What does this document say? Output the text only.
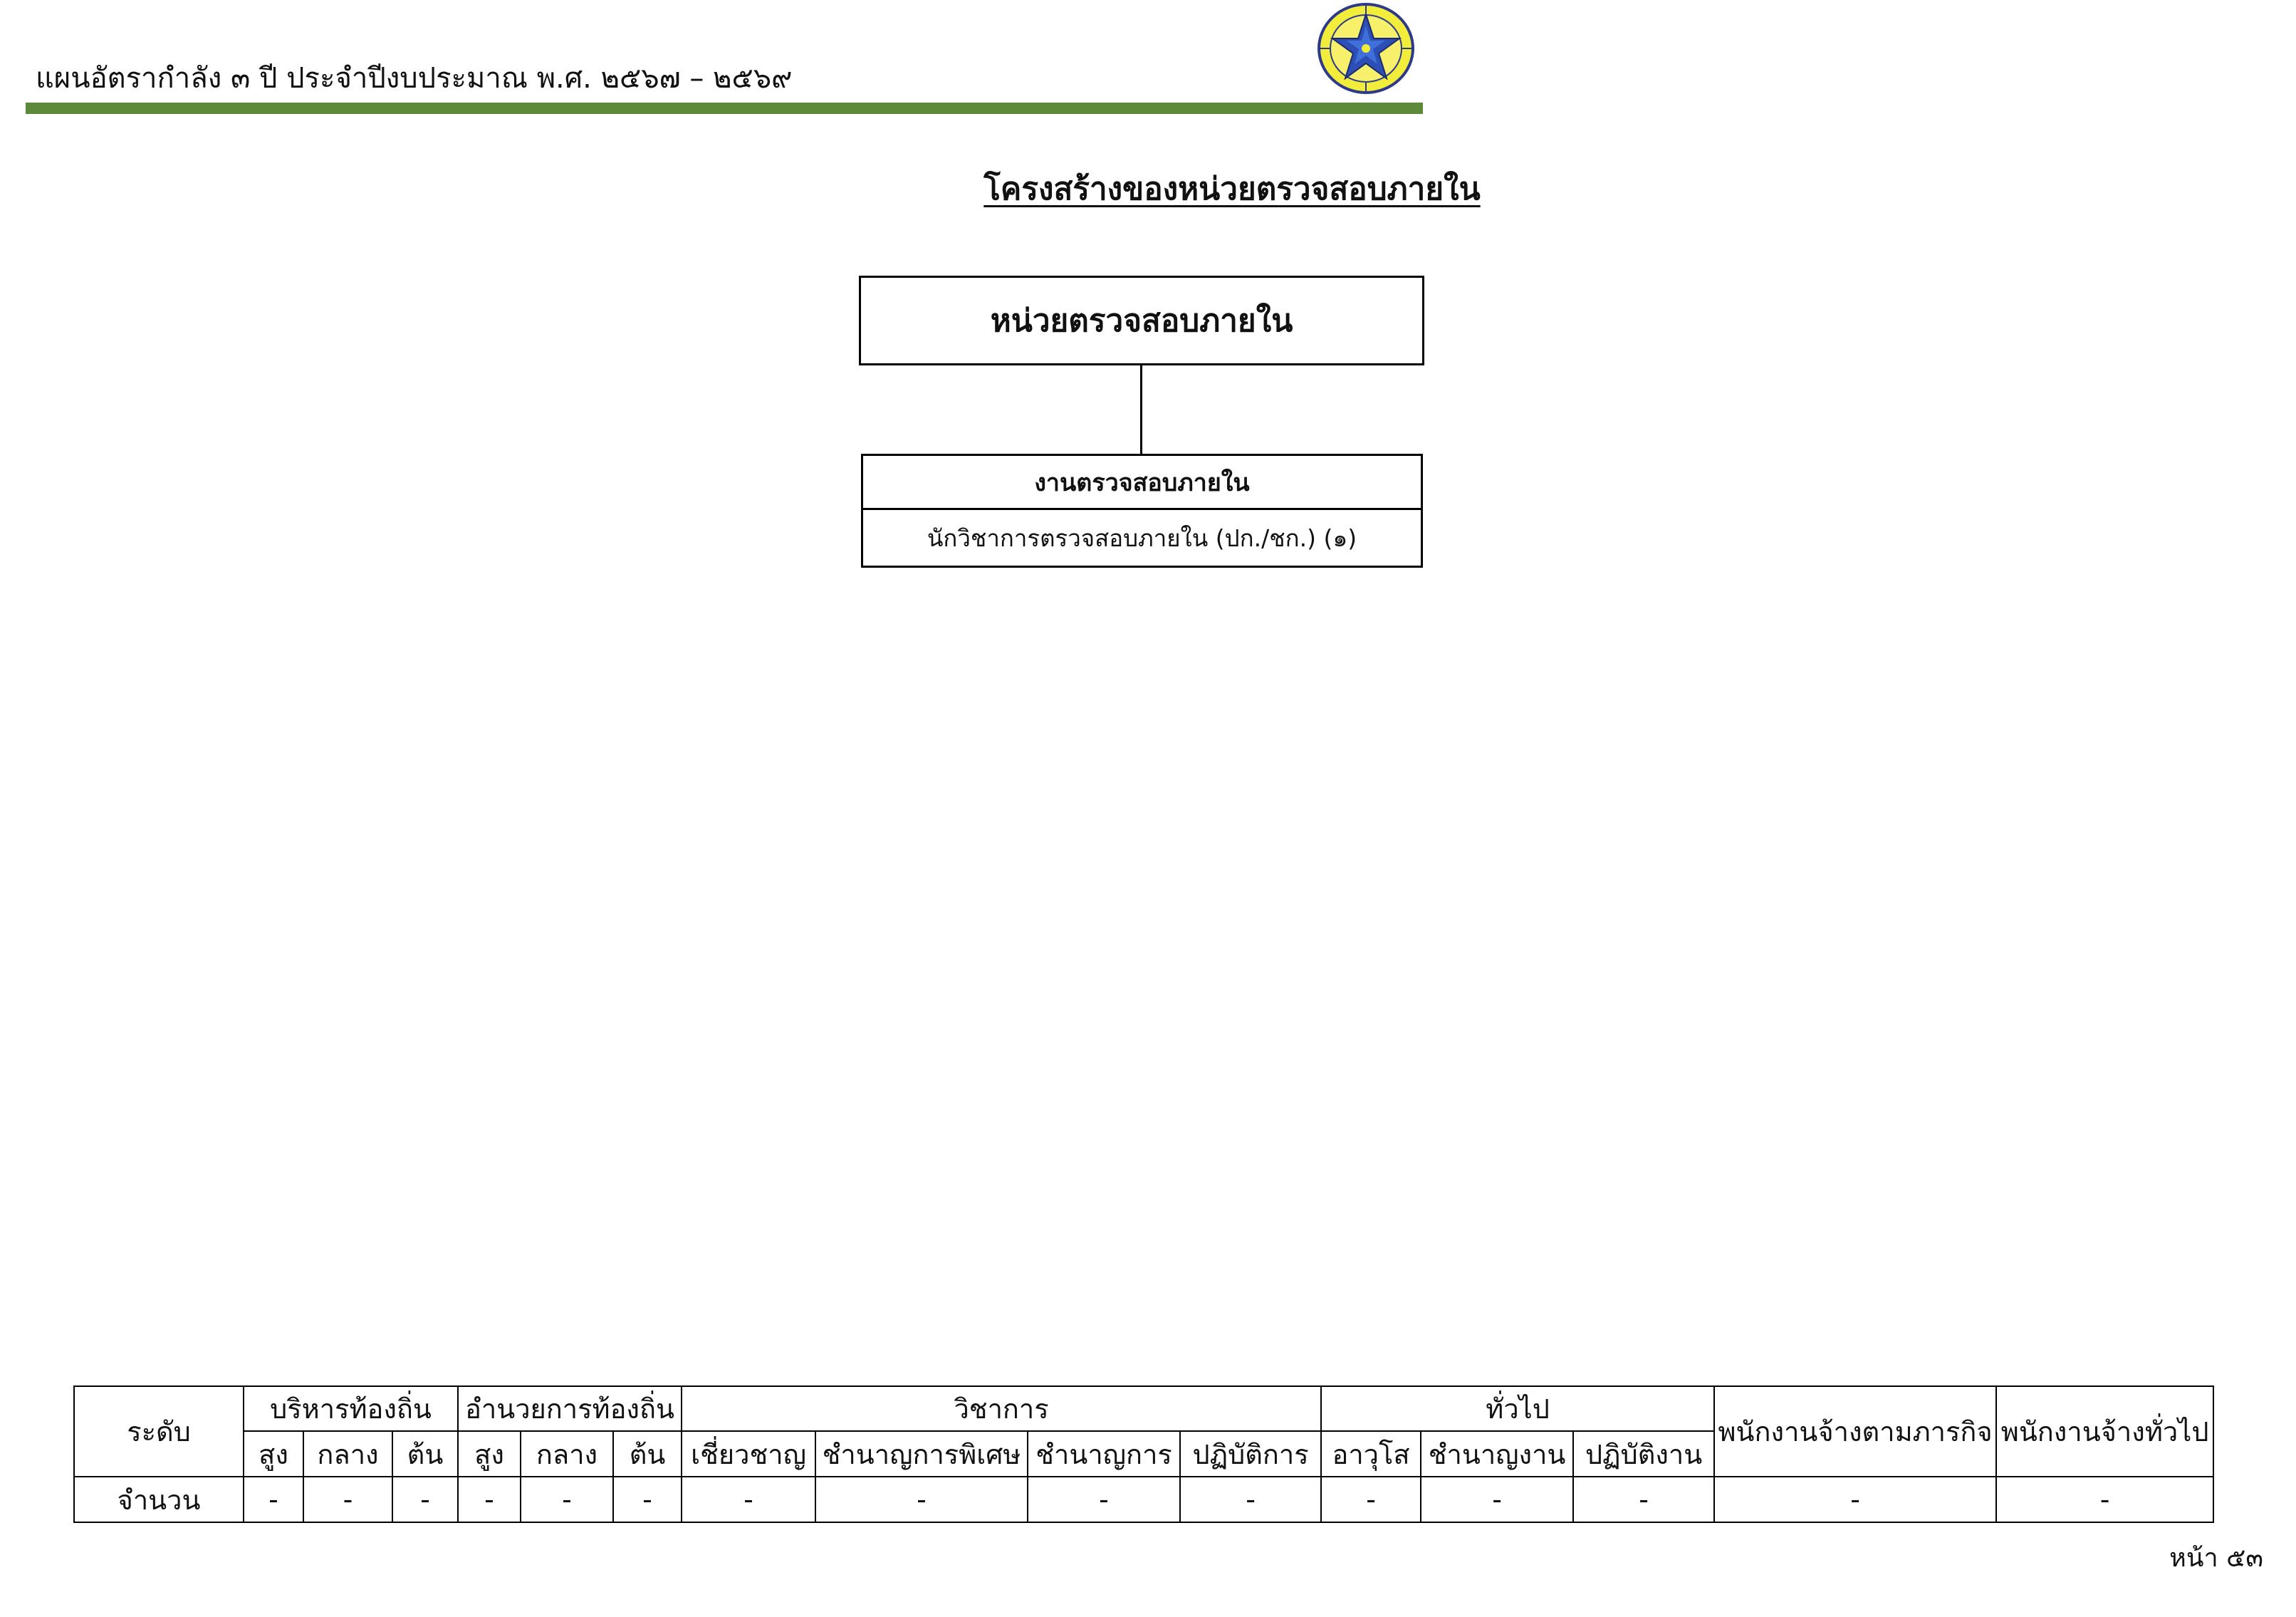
แผนอัตรากำลัง ๓ ปี ประจำปีงบประมาณ พ.ศ. ๒๕๖๗ – ๒๕๖๙
โครงสร้างของหน่วยตรวจสอบภายใน
หน่วยตรวจสอบภายใน
งานตรวจสอบภายใน
นักวิชาการตรวจสอบภายใน (ปก./ชก.) (๑)
ระดับ	บริหารท้องถิ่น			อำนวยการท้องถิ่น			วิชาการ				ทั่วไป			พนักงานจ้างตามภารกิจ	พนักงานจ้างทั่วไป
	สูง	กลาง	ต้น	สูง	กลาง	ต้น	เชี่ยวชาญ	ชำนาญการพิเศษ	ชำนาญการ	ปฏิบัติการ	อาวุโส	ชำนาญงาน	ปฏิบัติงาน		
จำนวน	-	-	-	-	-	-	-	-	-	-	-	-	-	-	-
หน้า ๕๓
